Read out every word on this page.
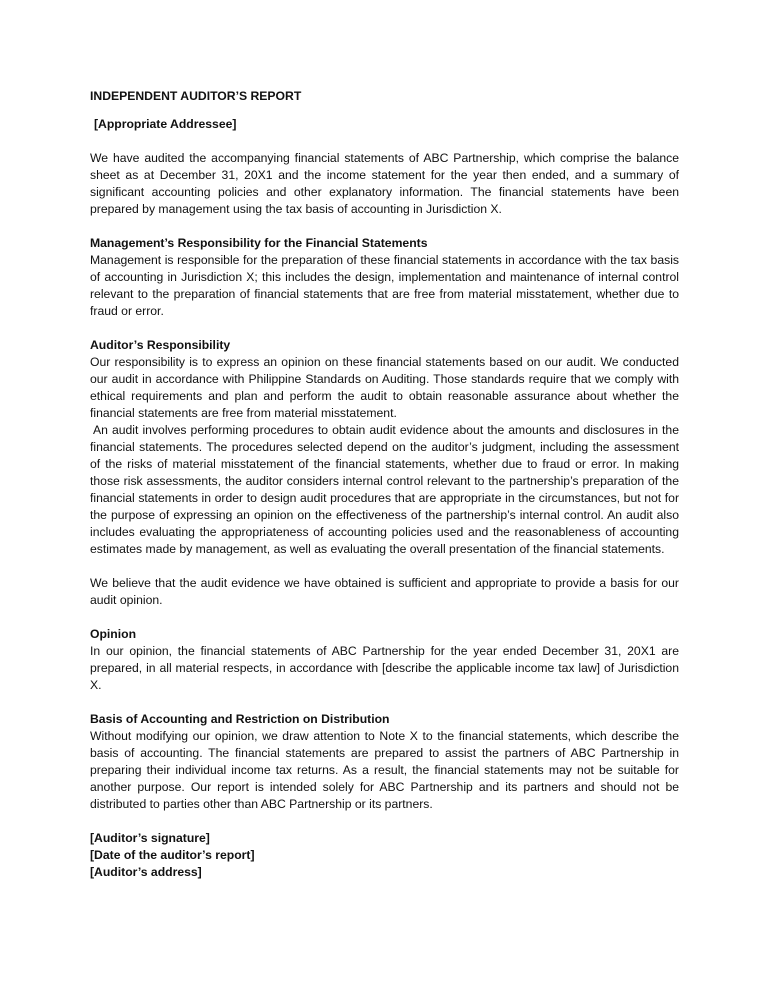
INDEPENDENT AUDITOR’S REPORT
[Appropriate Addressee]

We have audited the accompanying financial statements of ABC Partnership, which comprise the balance sheet as at December 31, 20X1 and the income statement for the year then ended, and a summary of significant accounting policies and other explanatory information. The financial statements have been prepared by management using the tax basis of accounting in Jurisdiction X.

Management’s Responsibility for the Financial Statements

Management is responsible for the preparation of these financial statements in accordance with the tax basis of accounting in Jurisdiction X; this includes the design, implementation and maintenance of internal control relevant to the preparation of financial statements that are free from material misstatement, whether due to fraud or error.

Auditor’s Responsibility

Our responsibility is to express an opinion on these financial statements based on our audit. We conducted our audit in accordance with Philippine Standards on Auditing. Those standards require that we comply with ethical requirements and plan and perform the audit to obtain reasonable assurance about whether the financial statements are free from material misstatement.

An audit involves performing procedures to obtain audit evidence about the amounts and disclosures in the financial statements. The procedures selected depend on the auditor’s judgment, including the assessment of the risks of material misstatement of the financial statements, whether due to fraud or error. In making those risk assessments, the auditor considers internal control relevant to the partnership’s preparation of the financial statements in order to design audit procedures that are appropriate in the circumstances, but not for the purpose of expressing an opinion on the effectiveness of the partnership’s internal control. An audit also includes evaluating the appropriateness of accounting policies used and the reasonableness of accounting estimates made by management, as well as evaluating the overall presentation of the financial statements.

We believe that the audit evidence we have obtained is sufficient and appropriate to provide a basis for our audit opinion.

Opinion

In our opinion, the financial statements of ABC Partnership for the year ended December 31, 20X1 are prepared, in all material respects, in accordance with [describe the applicable income tax law] of Jurisdiction X.

Basis of Accounting and Restriction on Distribution

Without modifying our opinion, we draw attention to Note X to the financial statements, which describe the basis of accounting. The financial statements are prepared to assist the partners of ABC Partnership in preparing their individual income tax returns. As a result, the financial statements may not be suitable for another purpose. Our report is intended solely for ABC Partnership and its partners and should not be distributed to parties other than ABC Partnership or its partners.

[Auditor’s signature]
[Date of the auditor’s report]
[Auditor’s address]
